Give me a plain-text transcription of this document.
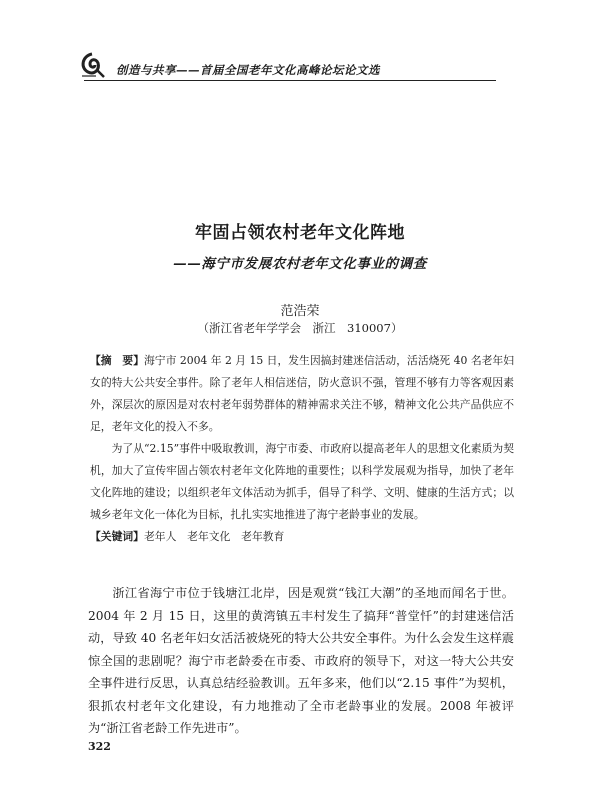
创造与共享——首届全国老年文化高峰论坛论文选
牢固占领农村老年文化阵地
——海宁市发展农村老年文化事业的调查
范浩荣
（浙江省老年学学会　浙江　310007）

【摘　要】海宁市 2004 年 2 月 15 日，发生因搞封建迷信活动，活活烧死 40 名老年妇女的特大公共安全事件。除了老年人相信迷信，防火意识不强，管理不够有力等客观因素外，深层次的原因是对农村老年弱势群体的精神需求关注不够，精神文化公共产品供应不足，老年文化的投入不多。

为了从“2.15”事件中吸取教训，海宁市委、市政府以提高老年人的思想文化素质为契机，加大了宣传牢固占领农村老年文化阵地的重要性；以科学发展观为指导，加快了老年文化阵地的建设；以组织老年文体活动为抓手，倡导了科学、文明、健康的生活方式；以城乡老年文化一体化为目标，扎扎实实地推进了海宁老龄事业的发展。

【关键词】老年人　老年文化　老年教育

浙江省海宁市位于钱塘江北岸，因是观赏“钱江大潮”的圣地而闻名于世。2004 年 2 月 15 日，这里的黄湾镇五丰村发生了搞拜“普堂忏”的封建迷信活动，导致 40 名老年妇女活活被烧死的特大公共安全事件。为什么会发生这样震惊全国的悲剧呢？海宁市老龄委在市委、市政府的领导下，对这一特大公共安全事件进行反思，认真总结经验教训。五年多来，他们以“2.15 事件”为契机，狠抓农村老年文化建设，有力地推动了全市老龄事业的发展。2008 年被评为“浙江省老龄工作先进市”。

322
